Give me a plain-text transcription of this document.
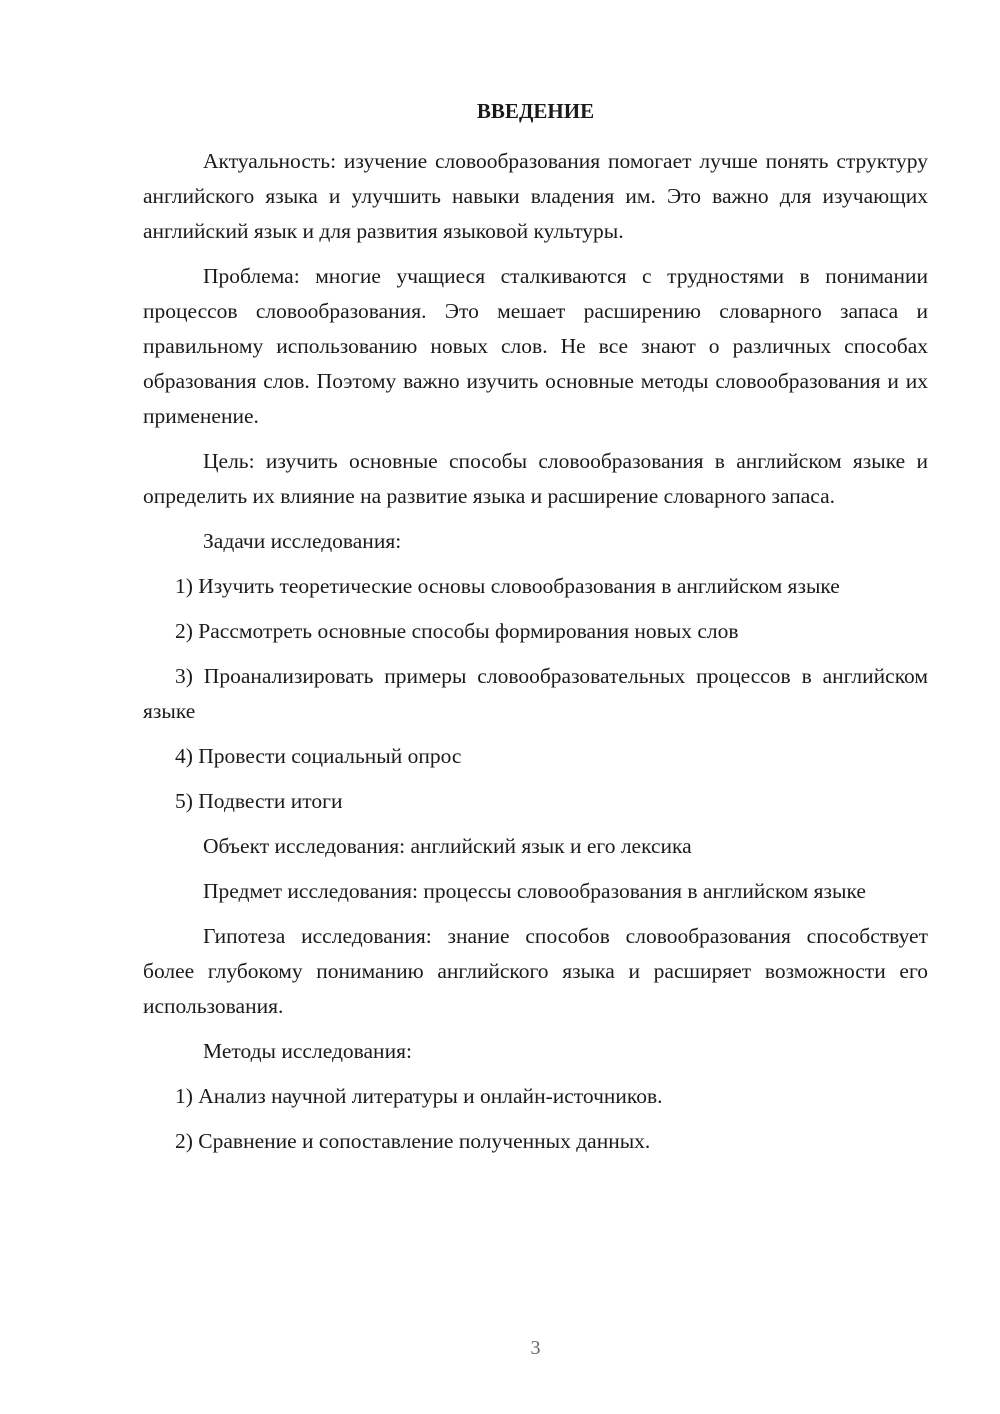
ВВЕДЕНИЕ

Актуальность: изучение словообразования помогает лучше понять структуру английского языка и улучшить навыки владения им. Это важно для изучающих английский язык и для развития языковой культуры.

Проблема: многие учащиеся сталкиваются с трудностями в понимании процессов словообразования. Это мешает расширению словарного запаса и правильному использованию новых слов. Не все знают о различных способах образования слов. Поэтому важно изучить основные методы словообразования и их применение.

Цель: изучить основные способы словообразования в английском языке и определить их влияние на развитие языка и расширение словарного запаса.

Задачи исследования:

1) Изучить теоретические основы словообразования в английском языке

2) Рассмотреть основные способы формирования новых слов

3) Проанализировать примеры словообразовательных процессов в английском языке

4) Провести социальный опрос

5) Подвести итоги

Объект исследования: английский язык и его лексика

Предмет исследования: процессы словообразования в английском языке

Гипотеза исследования: знание способов словообразования способствует более глубокому пониманию английского языка и расширяет возможности его использования.

Методы исследования:

1) Анализ научной литературы и онлайн-источников.

2) Сравнение и сопоставление полученных данных.

3
